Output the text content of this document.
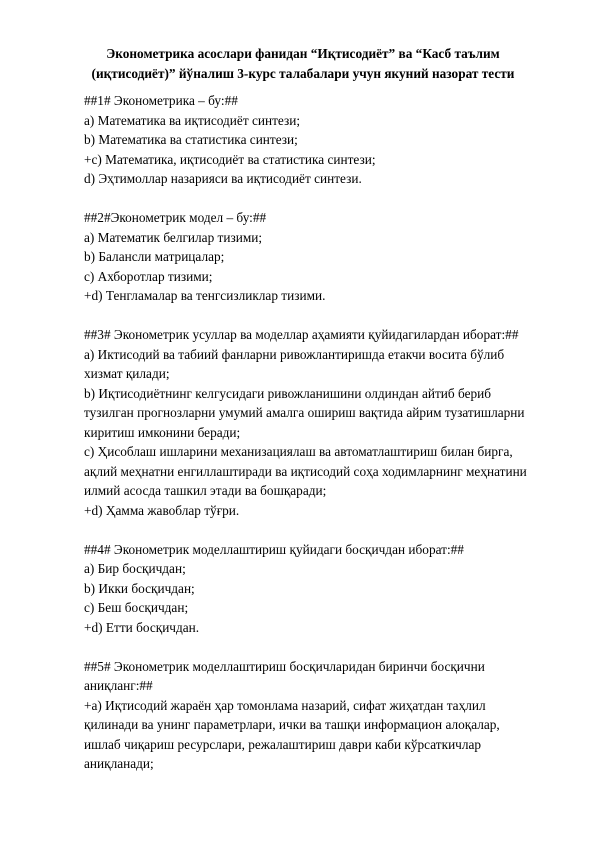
Эконометрика асослари фанидан “Иқтисодиёт” ва “Касб таълим
(иқтисодиёт)” йўналиш 3-курс талабалари учун якуний назорат тести
##1# Эконометрика – бу:##
a) Математика ва иқтисодиёт синтези;
b) Математика ва статистика синтези;
+c) Математика, иқтисодиёт ва статистика синтези;
d) Эҳтимоллар назарияси ва иқтисодиёт синтези.
##2#Эконометрик модел – бу:##
a) Математик белгилар тизими;
b) Балансли матрицалар;
c) Ахборотлар тизими;
+d) Тенгламалар ва тенгсизликлар тизими.
##3# Эконометрик усуллар ва моделлар аҳамияти қуйидагилардан иборат:##
a) Иктисодий ва табиий фанларни ривожлантиришда етакчи восита бўлиб хизмат қилади;
b) Иқтисодиётнинг келгусидаги ривожланишини олдиндан айтиб бериб тузилган прогнозларни умумий амалга ошириш вақтида айрим тузатишларни киритиш имконини беради;
c) Ҳисоблаш ишларини механизациялаш ва автоматлаштириш билан бирга, ақлий меҳнатни енгиллаштиради ва иқтисодий соҳа ходимларнинг меҳнатини илмий асосда ташкил этади ва бошқаради;
+d) Ҳамма жавоблар тўғри.
##4# Эконометрик моделлаштириш қуйидаги босқичдан иборат:##
a) Бир босқичдан;
b) Икки босқичдан;
c) Беш босқичдан;
+d) Етти босқичдан.
##5# Эконометрик моделлаштириш босқичларидан биринчи босқични аниқланг:##
+a) Иқтисодий жараён ҳар томонлама назарий, сифат жиҳатдан таҳлил қилинади ва унинг параметрлари, ички ва ташқи информацион алоқалар, ишлаб чиқариш ресурслари, режалаштириш даври каби кўрсаткичлар аниқланади;
